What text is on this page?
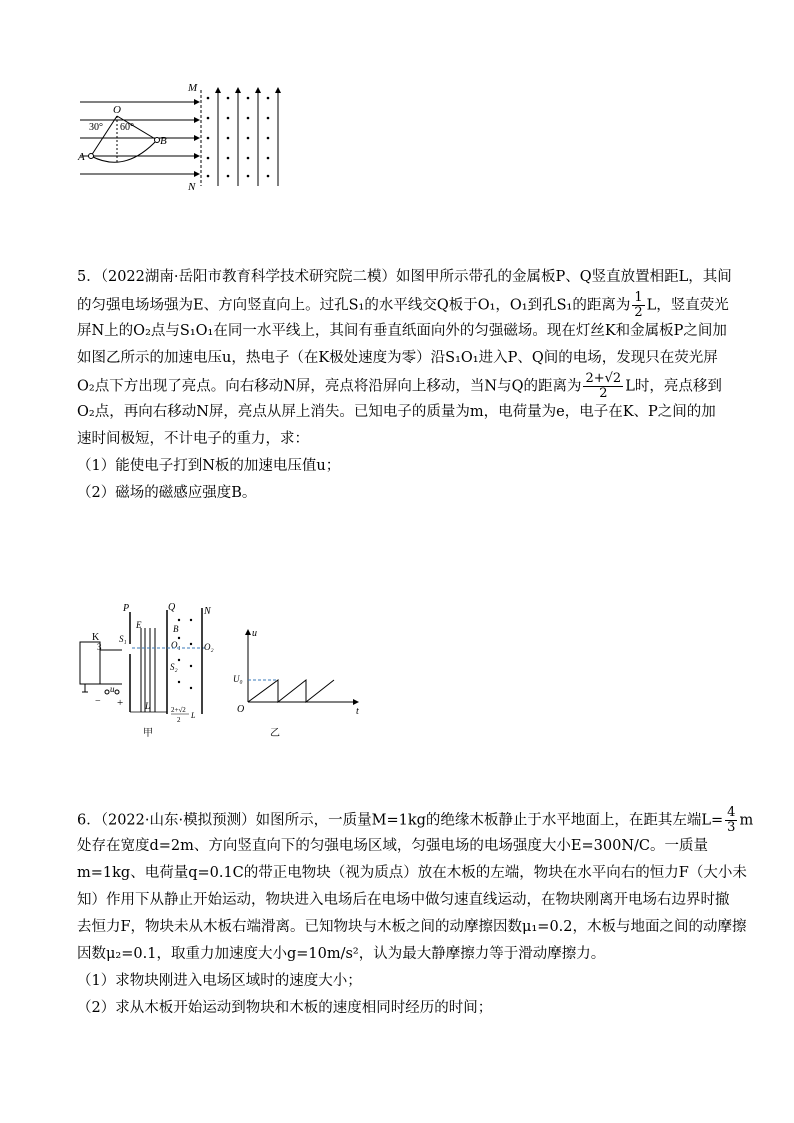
M
N
O
A
B
30° 60°
5．（2022湖南·岳阳市教育科学技术研究院二模）如图甲所示带孔的金属板P、Q竖直放置相距L，其间
的匀强电场场强为E、方向竖直向上。过孔S₁的水平线交Q板于O₁，O₁到孔S₁的距离为 $\frac{1}{2}$ L，竖直荧光
屏N上的O₂点与S₁O₁在同一水平线上，其间有垂直纸面向外的匀强磁场。现在灯丝K和金属板P之间加
如图乙所示的加速电压u，热电子（在K极处速度为零）沿S₁O₁进入P、Q间的电场，发现只在荧光屏
O₂点下方出现了亮点。向右移动N屏，亮点将沿屏向上移动，当N与Q的距离为 $\frac{2+√2}{2}$ L时，亮点移到
O₂点，再向右移动N屏，亮点从屏上消失。已知电子的质量为m，电荷量为e，电子在K、P之间的加
速时间极短，不计电子的重力，求：
（1）能使电子打到N板的加速电压值u；
（2）磁场的磁感应强度B。
K
3
− +
u
P
S₁
E
Q
B
O₁
S₂
N
O₂
L	2+√2
2 L
甲
u
t
O
U₀
乙
6．（2022·山东·模拟预测）如图所示，一质量M=1kg的绝缘木板静止于水平地面上，在距其左端$L= \frac{4}{3}$ m
处存在宽度d=2m、方向竖直向下的匀强电场区域，匀强电场的电场强度大小E=300N/C。一质量
m=1kg、电荷量q=0.1C的带正电物块（视为质点）放在木板的左端，物块在水平向右的恒力F（大小未
知）作用下从静止开始运动，物块进入电场后在电场中做匀速直线运动，在物块刚离开电场右边界时撤
去恒力F，物块未从木板右端滑离。已知物块与木板之间的动摩擦因数μ₁=0.2，木板与地面之间的动摩擦
因数μ₂=0.1，取重力加速度大小g=10m/s²，认为最大静摩擦力等于滑动摩擦力。
（1）求物块刚进入电场区域时的速度大小；
（2）求从木板开始运动到物块和木板的速度相同时经历的时间；
